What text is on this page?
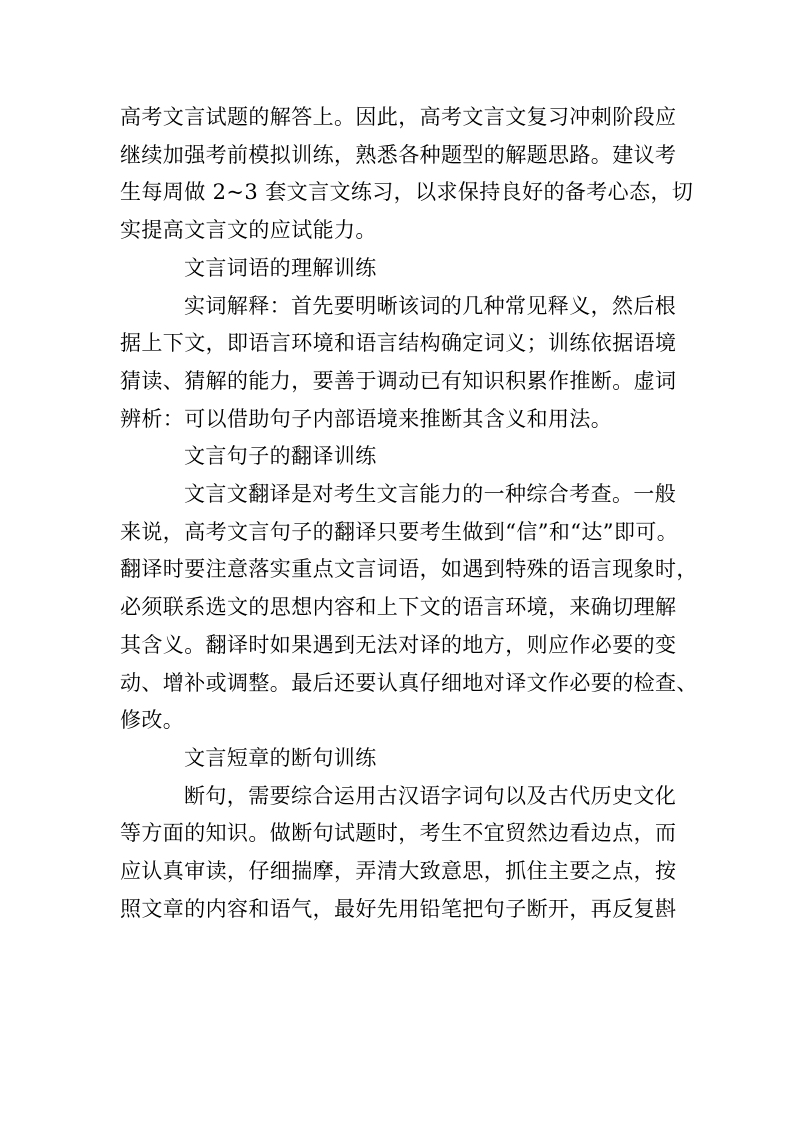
高考文言试题的解答上。因此，高考文言文复习冲刺阶段应
继续加强考前模拟训练，熟悉各种题型的解题思路。建议考
生每周做 2~3 套文言文练习，以求保持良好的备考心态，切
实提高文言文的应试能力。
文言词语的理解训练
实词解释：首先要明晰该词的几种常见释义，然后根
据上下文，即语言环境和语言结构确定词义；训练依据语境
猜读、猜解的能力，要善于调动已有知识积累作推断。虚词
辨析：可以借助句子内部语境来推断其含义和用法。
文言句子的翻译训练
文言文翻译是对考生文言能力的一种综合考查。一般
来说，高考文言句子的翻译只要考生做到“信”和“达”即可。
翻译时要注意落实重点文言词语，如遇到特殊的语言现象时，
必须联系选文的思想内容和上下文的语言环境，来确切理解
其含义。翻译时如果遇到无法对译的地方，则应作必要的变
动、增补或调整。最后还要认真仔细地对译文作必要的检查、
修改。
文言短章的断句训练
断句，需要综合运用古汉语字词句以及古代历史文化
等方面的知识。做断句试题时，考生不宜贸然边看边点，而
应认真审读，仔细揣摩，弄清大致意思，抓住主要之点，按
照文章的内容和语气，最好先用铅笔把句子断开，再反复斟
